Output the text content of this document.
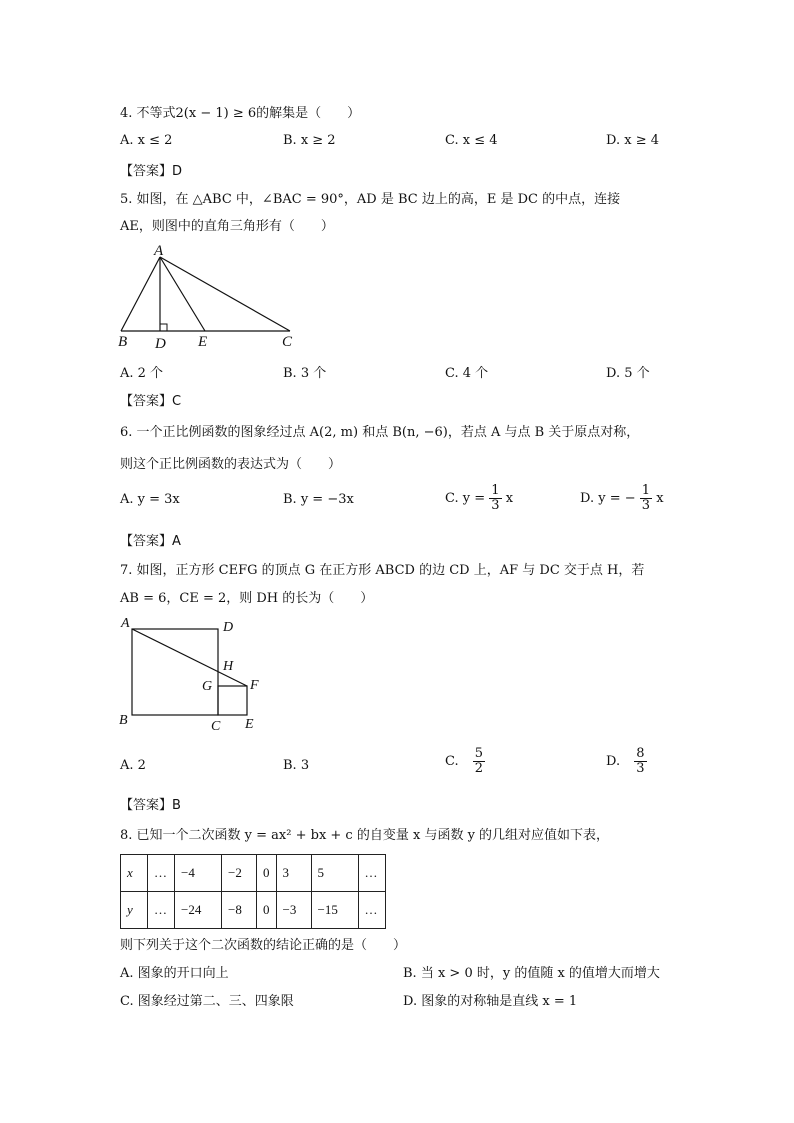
4. 不等式2(x − 1) ≥ 6的解集是（　　）
A. x ≤ 2	B. x ≥ 2	C. x ≤ 4	D. x ≥ 4
【答案】D
5. 如图，在 △ABC 中，∠BAC = 90°，AD 是 BC 边上的高，E 是 DC 的中点，连接
AE，则图中的直角三角形有（　　）
A
B D E	C
A. 2 个	B. 3 个	C. 4 个	D. 5 个
【答案】C
6. 一个正比例函数的图象经过点 A(2, m) 和点 B(n, −6)，若点 A 与点 B 关于原点对称，
则这个正比例函数的表达式为（　　）
A. y = 3x	B. y = −3x	C. $y = \frac{1}{3}$ x	D. y = − $\frac{1}{3}$ x
【答案】A
7. 如图，正方形 CEFG 的顶点 G 在正方形 ABCD 的边 CD 上，AF 与 DC 交于点 H，若
AB = 6，CE = 2，则 DH 的长为（　　）
A	D
H
G	F
B	C E
A. 2	B. 3	C. $\frac{5}{2}$	D. $\frac{8}{3}$
【答案】B
8. 已知一个二次函数 y = ax² + bx + c 的自变量 x 与函数 y 的几组对应值如下表，
x	…	−4	−2	0	3	5	…
y	…	−24	−8	0	−3	−15	…
则下列关于这个二次函数的结论正确的是（　　）
A. 图象的开口向上	B. 当 x > 0 时，y 的值随 x 的值增大而增大
C. 图象经过第二、三、四象限	D. 图象的对称轴是直线 x = 1
